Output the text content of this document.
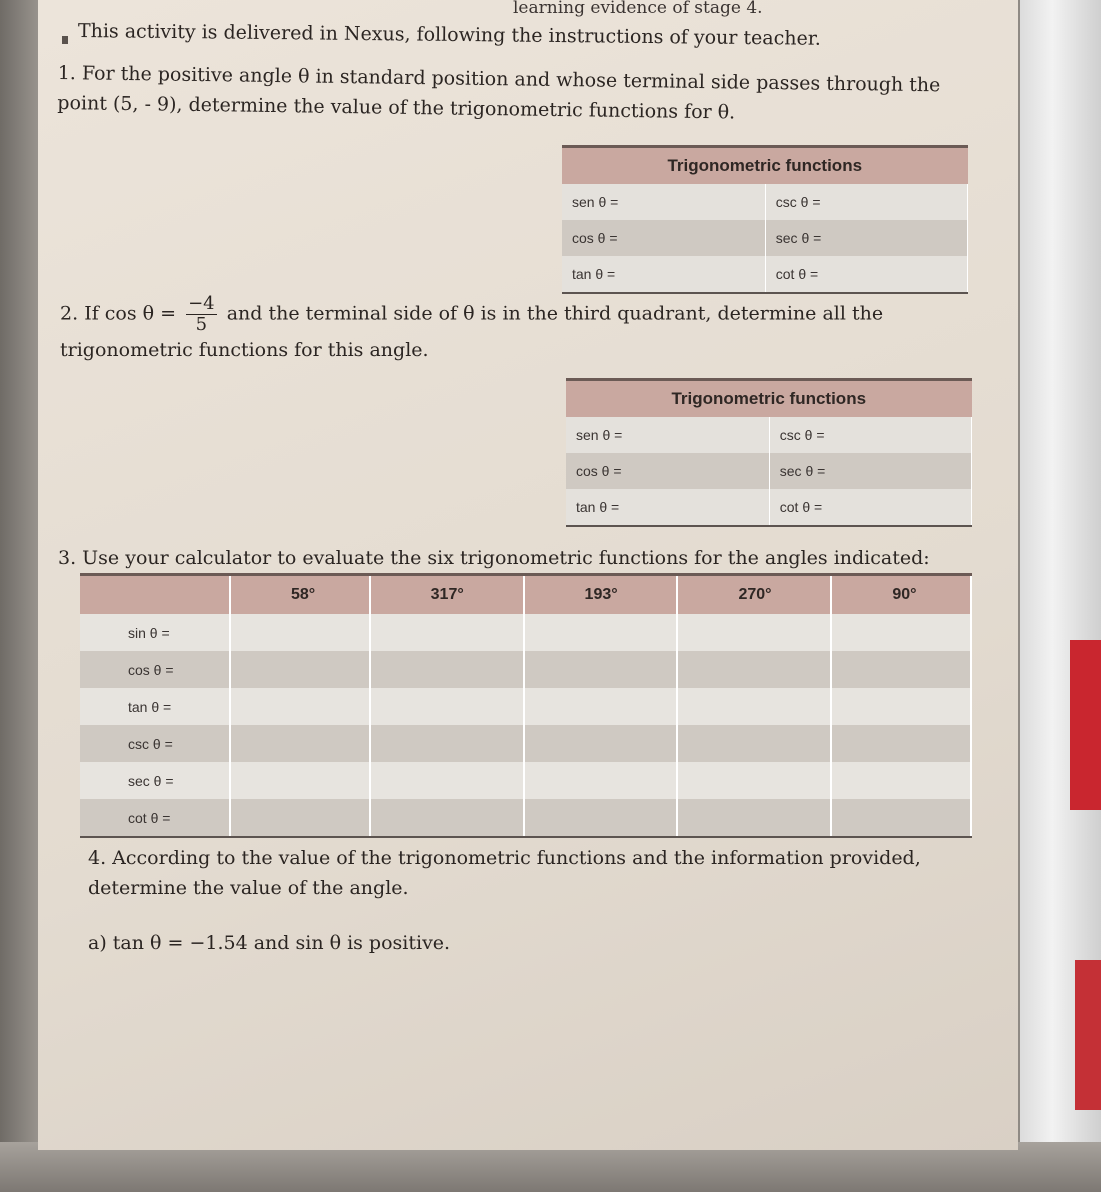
learning evidence of stage 4.
This activity is delivered in Nexus, following the instructions of your teacher.
1. For the positive angle θ in standard position and whose terminal side passes through the point (5, - 9), determine the value of the trigonometric functions for θ.
Trigonometric functions	
sen θ =	csc θ =
cos θ =	sec θ =
tan θ =	cot θ =
2. If $\cos \theta = \frac{-4}{5}$ and the terminal side of θ is in the third quadrant, determine all the trigonometric functions for this angle.
Trigonometric functions	
sen θ =	csc θ =
cos θ =	sec θ =
tan θ =	cot θ =
3. Use your calculator to evaluate the six trigonometric functions for the angles indicated:
	58°	317°	193°	270°	90°
sin θ =					
cos θ =					
tan θ =					
csc θ =					
sec θ =					
cot θ =					
4. According to the value of the trigonometric functions and the information provided, determine the value of the angle.
a) tan θ = −1.54 and sin θ is positive.
